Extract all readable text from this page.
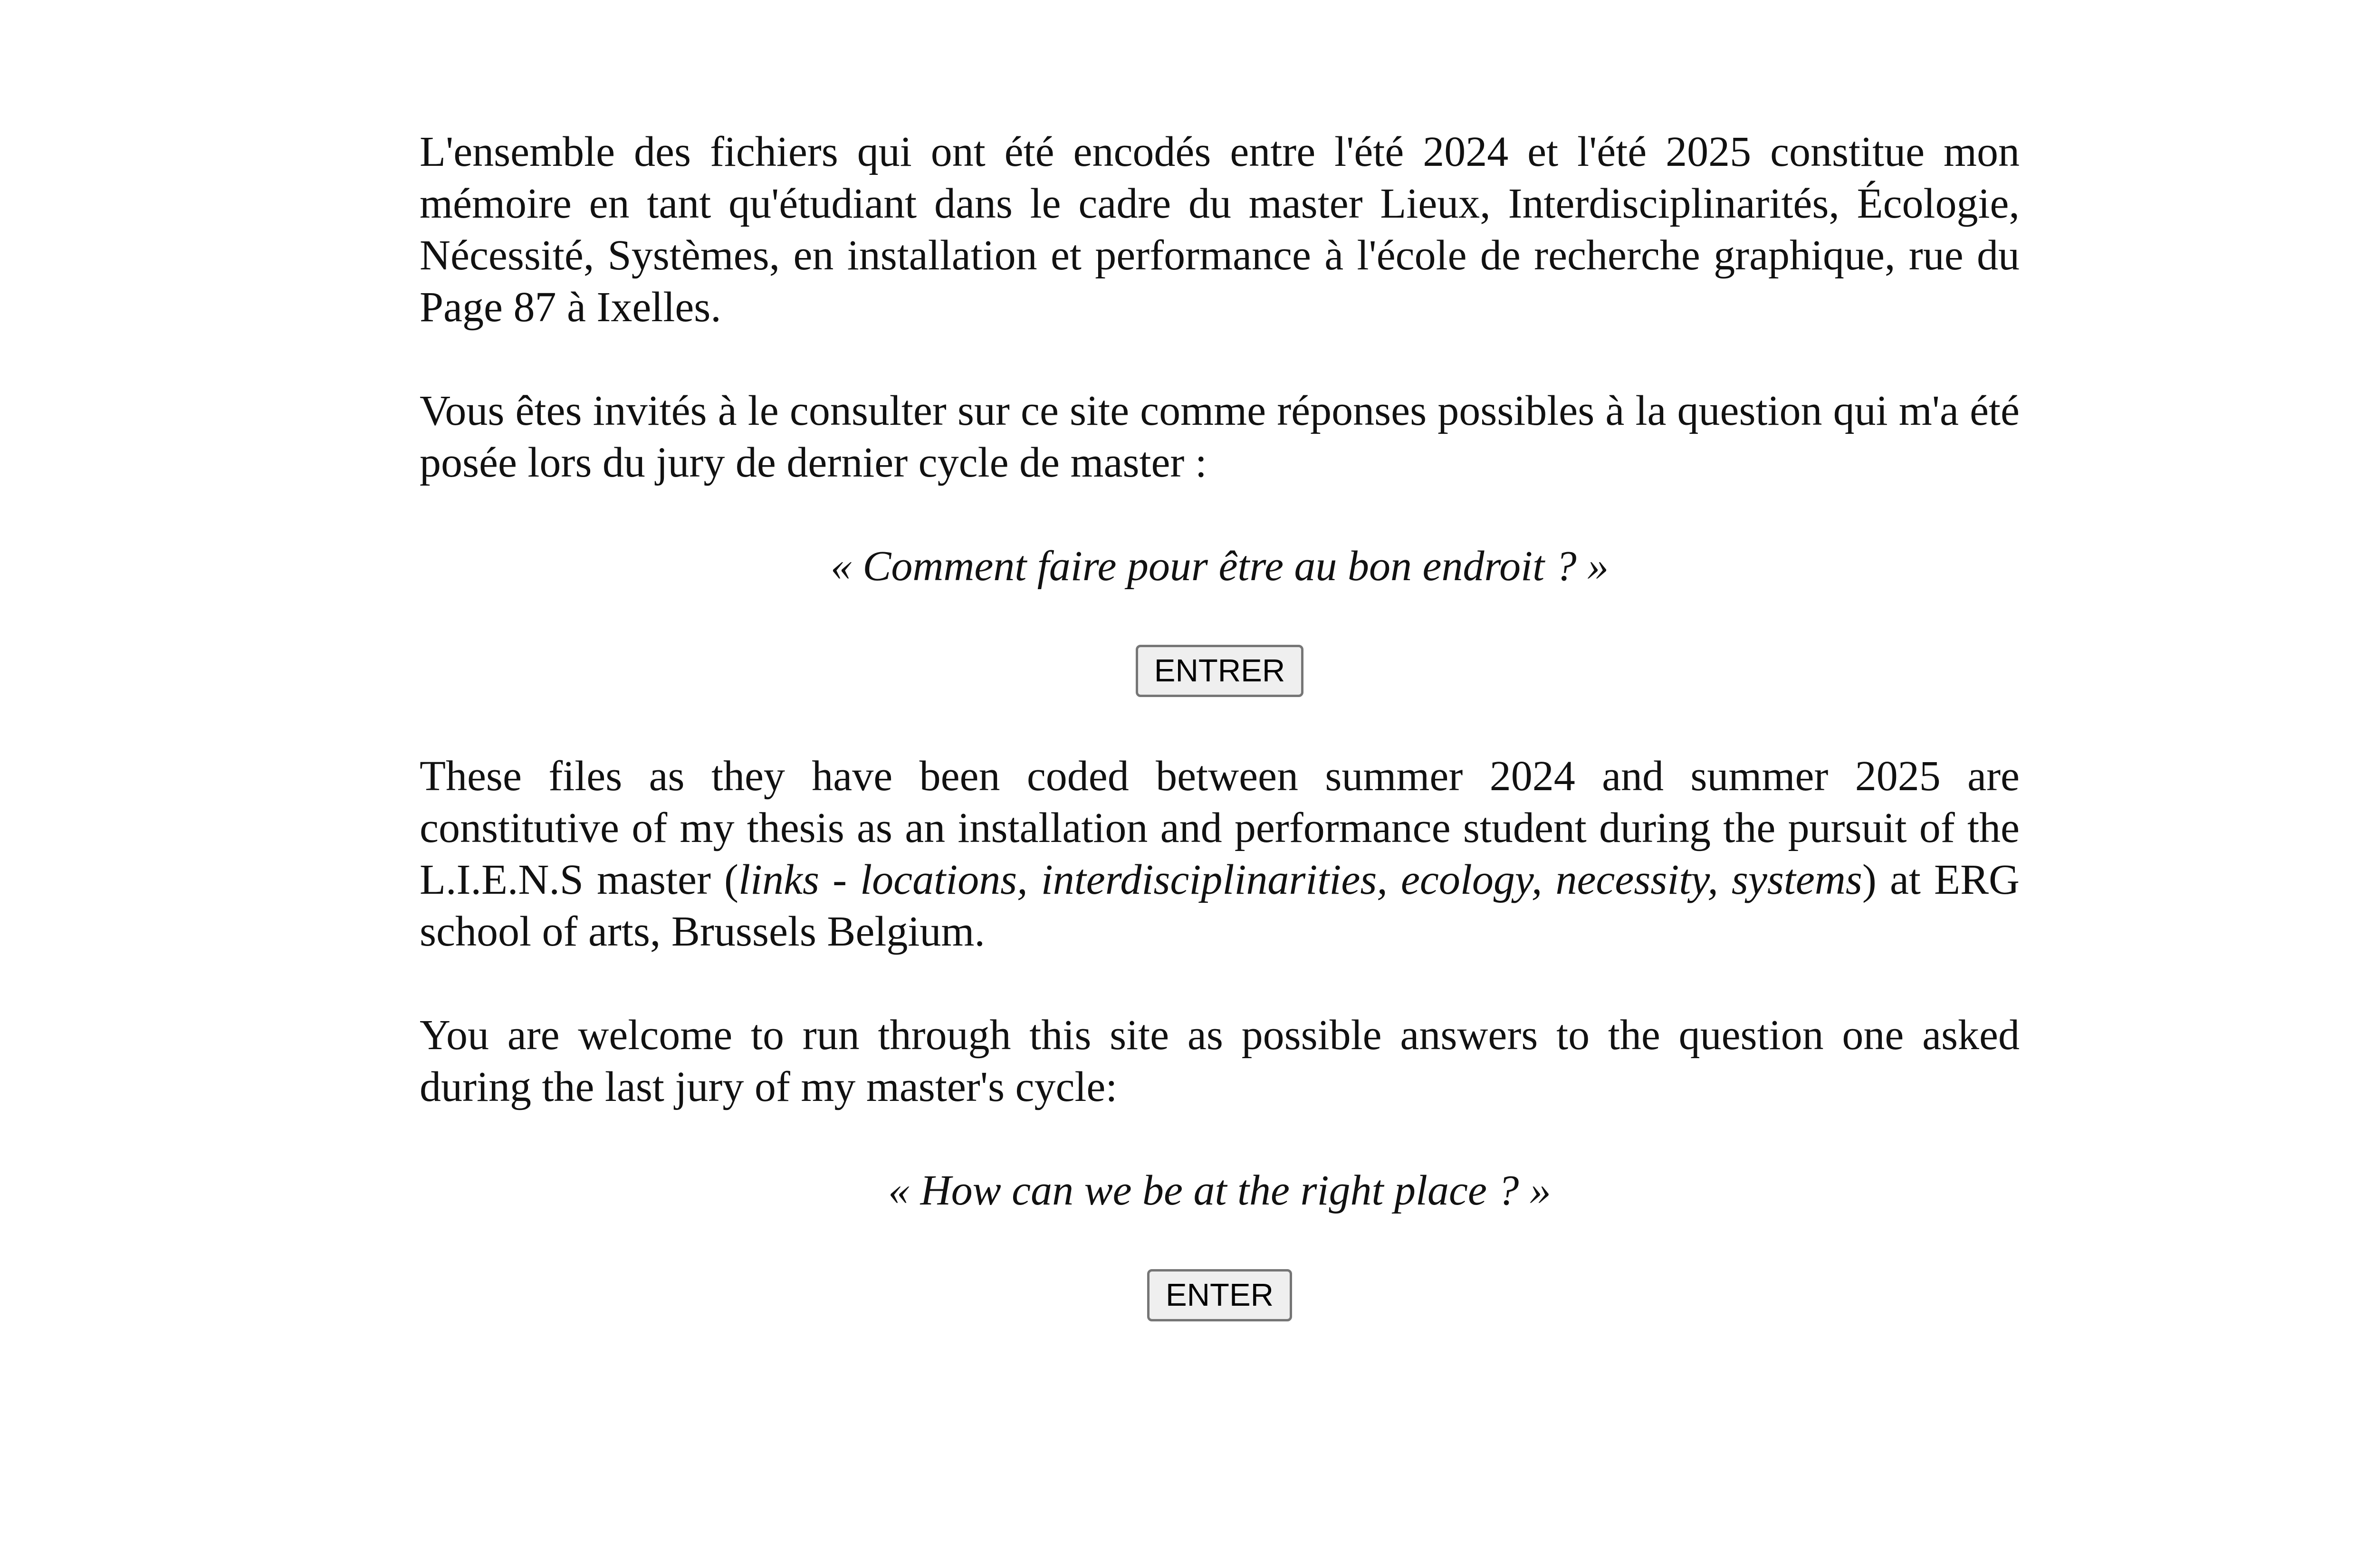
L'ensemble des fichiers qui ont été encodés entre l'été 2024 et l'été 2025 constitue mon mémoire en tant qu'étudiant dans le cadre du master Lieux, Interdisciplinarités, Écologie, Nécessité, Systèmes, en installation et performance à l'école de recherche graphique, rue du Page 87 à Ixelles.

Vous êtes invités à le consulter sur ce site comme réponses possibles à la question qui m'a été posée lors du jury de dernier cycle de master :

« Comment faire pour être au bon endroit ? »

ENTRER

These files as they have been coded between summer 2024 and summer 2025 are constitutive of my thesis as an installation and performance student during the pursuit of the L.I.E.N.S master (links - locations, interdisciplinarities, ecology, necessity, systems) at ERG school of arts, Brussels Belgium.

You are welcome to run through this site as possible answers to the question one asked during the last jury of my master's cycle:

« How can we be at the right place ? »

ENTER
